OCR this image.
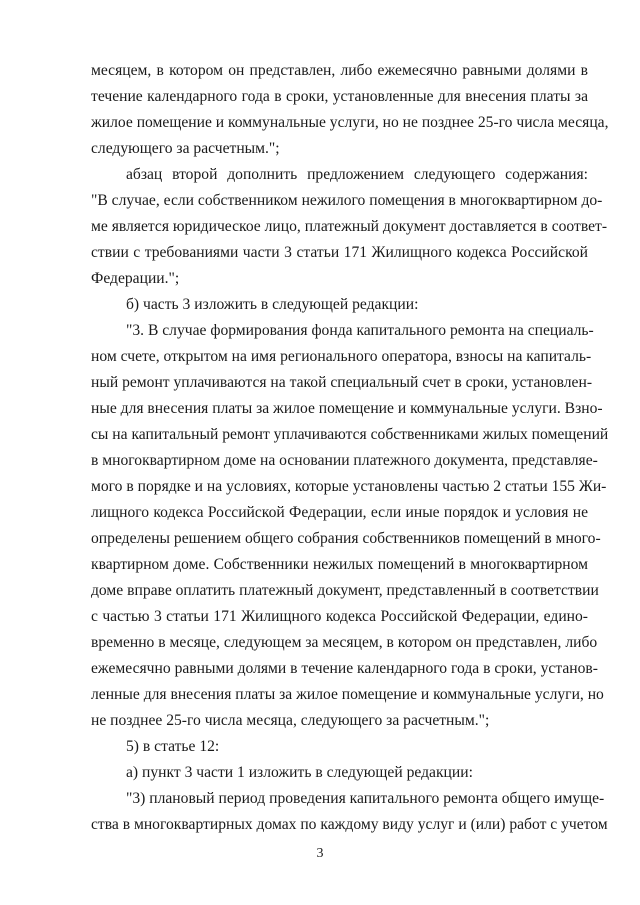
месяцем, в котором он представлен, либо ежемесячно равными долями в
течение календарного года в сроки, установленные для внесения платы за
жилое помещение и коммунальные услуги, но не позднее 25-го числа месяца,
следующего за расчетным.";
абзац второй дополнить предложением следующего содержания:
"В случае, если собственником нежилого помещения в многоквартирном до-
ме является юридическое лицо, платежный документ доставляется в соответ-
ствии с требованиями части 3 статьи 171 Жилищного кодекса Российской
Федерации.";
б) часть 3 изложить в следующей редакции:
"3. В случае формирования фонда капитального ремонта на специаль-
ном счете, открытом на имя регионального оператора, взносы на капиталь-
ный ремонт уплачиваются на такой специальный счет в сроки, установлен-
ные для внесения платы за жилое помещение и коммунальные услуги. Взно-
сы на капитальный ремонт уплачиваются собственниками жилых помещений
в многоквартирном доме на основании платежного документа, представляе-
мого в порядке и на условиях, которые установлены частью 2 статьи 155 Жи-
лищного кодекса Российской Федерации, если иные порядок и условия не
определены решением общего собрания собственников помещений в много-
квартирном доме. Собственники нежилых помещений в многоквартирном
доме вправе оплатить платежный документ, представленный в соответствии
с частью 3 статьи 171 Жилищного кодекса Российской Федерации, едино-
временно в месяце, следующем за месяцем, в котором он представлен, либо
ежемесячно равными долями в течение календарного года в сроки, установ-
ленные для внесения платы за жилое помещение и коммунальные услуги, но
не позднее 25-го числа месяца, следующего за расчетным.";
5) в статье 12:
а) пункт 3 части 1 изложить в следующей редакции:
"3) плановый период проведения капитального ремонта общего имуще-
ства в многоквартирных домах по каждому виду услуг и (или) работ с учетом
3
